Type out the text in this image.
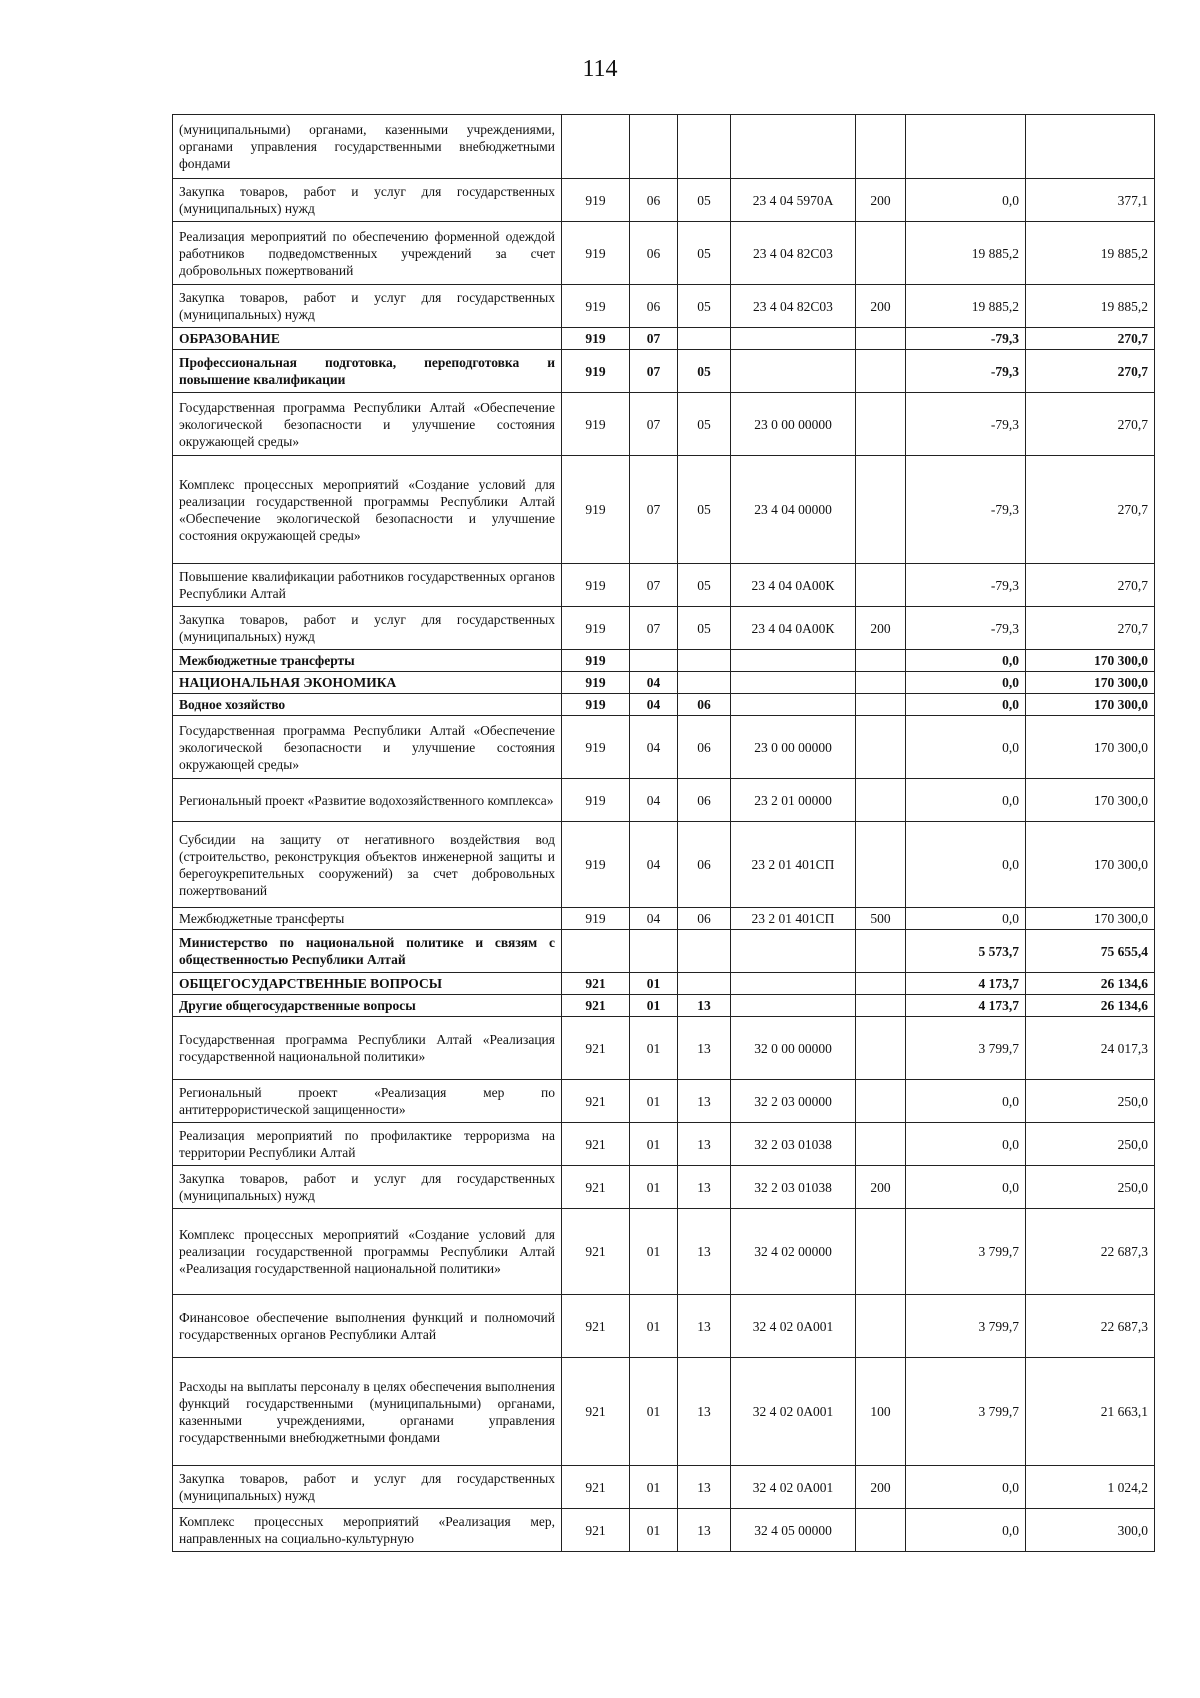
114
(муниципальными) органами, казенными учреждениями, органами управления государственными внебюджетными фондами							
Закупка товаров, работ и услуг для государственных (муниципальных) нужд	919	06	05	23 4 04 5970А	200	0,0	377,1
Реализация мероприятий по обеспечению форменной одеждой работников подведомственных учреждений за счет добровольных пожертвований	919	06	05	23 4 04 82С03		19 885,2	19 885,2
Закупка товаров, работ и услуг для государственных (муниципальных) нужд	919	06	05	23 4 04 82С03	200	19 885,2	19 885,2
ОБРАЗОВАНИЕ	919	07				-79,3	270,7
Профессиональная подготовка, переподготовка и повышение квалификации	919	07	05			-79,3	270,7
Государственная программа Республики Алтай «Обеспечение экологической безопасности и улучшение состояния окружающей среды»	919	07	05	23 0 00 00000		-79,3	270,7
Комплекс процессных мероприятий «Создание условий для реализации государственной программы Республики Алтай «Обеспечение экологической безопасности и улучшение состояния окружающей среды»	919	07	05	23 4 04 00000		-79,3	270,7
Повышение квалификации работников государственных органов Республики Алтай	919	07	05	23 4 04 0А00К		-79,3	270,7
Закупка товаров, работ и услуг для государственных (муниципальных) нужд	919	07	05	23 4 04 0А00К	200	-79,3	270,7
Межбюджетные трансферты	919					0,0	170 300,0
НАЦИОНАЛЬНАЯ ЭКОНОМИКА	919	04				0,0	170 300,0
Водное хозяйство	919	04	06			0,0	170 300,0
Государственная программа Республики Алтай «Обеспечение экологической безопасности и улучшение состояния окружающей среды»	919	04	06	23 0 00 00000		0,0	170 300,0
Региональный проект «Развитие водохозяйственного комплекса»	919	04	06	23 2 01 00000		0,0	170 300,0
Субсидии на защиту от негативного воздействия вод (строительство, реконструкция объектов инженерной защиты и берегоукрепительных сооружений) за счет добровольных пожертвований	919	04	06	23 2 01 401СП		0,0	170 300,0
Межбюджетные трансферты	919	04	06	23 2 01 401СП	500	0,0	170 300,0
Министерство по национальной политике и связям с общественностью Республики Алтай						5 573,7	75 655,4
ОБЩЕГОСУДАРСТВЕННЫЕ ВОПРОСЫ	921	01				4 173,7	26 134,6
Другие общегосударственные вопросы	921	01	13			4 173,7	26 134,6
Государственная программа Республики Алтай «Реализация государственной национальной политики»	921	01	13	32 0 00 00000		3 799,7	24 017,3
Региональный проект «Реализация мер по антитеррористической защищенности»	921	01	13	32 2 03 00000		0,0	250,0
Реализация мероприятий по профилактике терроризма на территории Республики Алтай	921	01	13	32 2 03 01038		0,0	250,0
Закупка товаров, работ и услуг для государственных (муниципальных) нужд	921	01	13	32 2 03 01038	200	0,0	250,0
Комплекс процессных мероприятий «Создание условий для реализации государственной программы Республики Алтай «Реализация государственной национальной политики»	921	01	13	32 4 02 00000		3 799,7	22 687,3
Финансовое обеспечение выполнения функций и полномочий государственных органов Республики Алтай	921	01	13	32 4 02 0А001		3 799,7	22 687,3
Расходы на выплаты персоналу в целях обеспечения выполнения функций государственными (муниципальными) органами, казенными учреждениями, органами управления государственными внебюджетными фондами	921	01	13	32 4 02 0А001	100	3 799,7	21 663,1
Закупка товаров, работ и услуг для государственных (муниципальных) нужд	921	01	13	32 4 02 0А001	200	0,0	1 024,2
Комплекс процессных мероприятий «Реализация мер, направленных на социально-культурную	921	01	13	32 4 05 00000		0,0	300,0
